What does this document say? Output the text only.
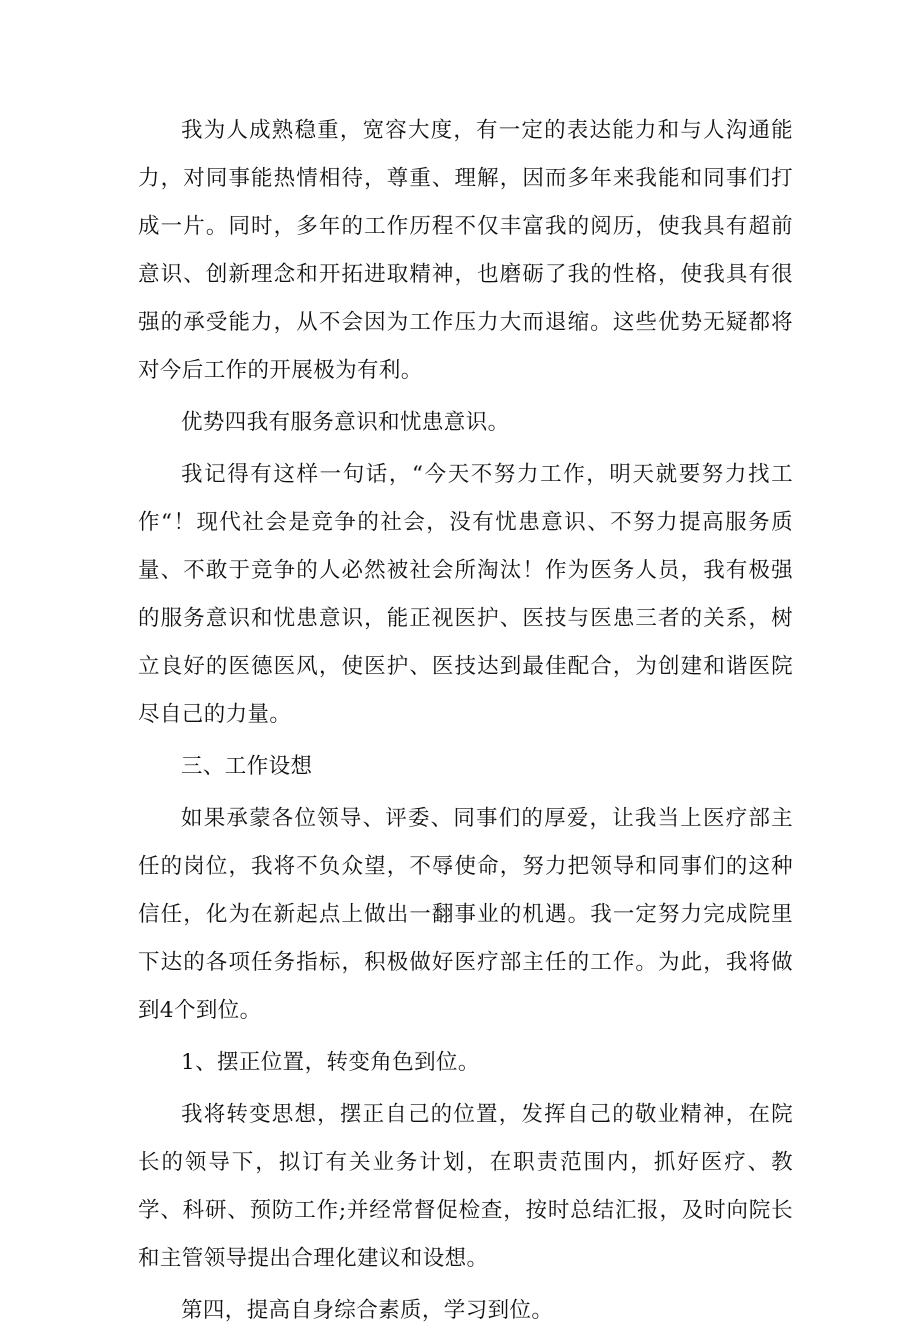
我为人成熟稳重，宽容大度，有一定的表达能力和与人沟通能力，对同事能热情相待，尊重、理解，因而多年来我能和同事们打成一片。同时，多年的工作历程不仅丰富我的阅历，使我具有超前意识、创新理念和开拓进取精神，也磨砺了我的性格，使我具有很强的承受能力，从不会因为工作压力大而退缩。这些优势无疑都将对今后工作的开展极为有利。

优势四我有服务意识和忧患意识。

我记得有这样一句话，“今天不努力工作，明天就要努力找工作“！现代社会是竞争的社会，没有忧患意识、不努力提高服务质量、不敢于竞争的人必然被社会所淘汰！作为医务人员，我有极强的服务意识和忧患意识，能正视医护、医技与医患三者的关系，树立良好的医德医风，使医护、医技达到最佳配合，为创建和谐医院尽自己的力量。

三、工作设想

如果承蒙各位领导、评委、同事们的厚爱，让我当上医疗部主任的岗位，我将不负众望，不辱使命，努力把领导和同事们的这种信任，化为在新起点上做出一翻事业的机遇。我一定努力完成院里下达的各项任务指标，积极做好医疗部主任的工作。为此，我将做到4个到位。

1、摆正位置，转变角色到位。

我将转变思想，摆正自己的位置，发挥自己的敬业精神，在院长的领导下，拟订有关业务计划，在职责范围内，抓好医疗、教学、科研、预防工作;并经常督促检查，按时总结汇报，及时向院长和主管领导提出合理化建议和设想。

第四，提高自身综合素质，学习到位。
